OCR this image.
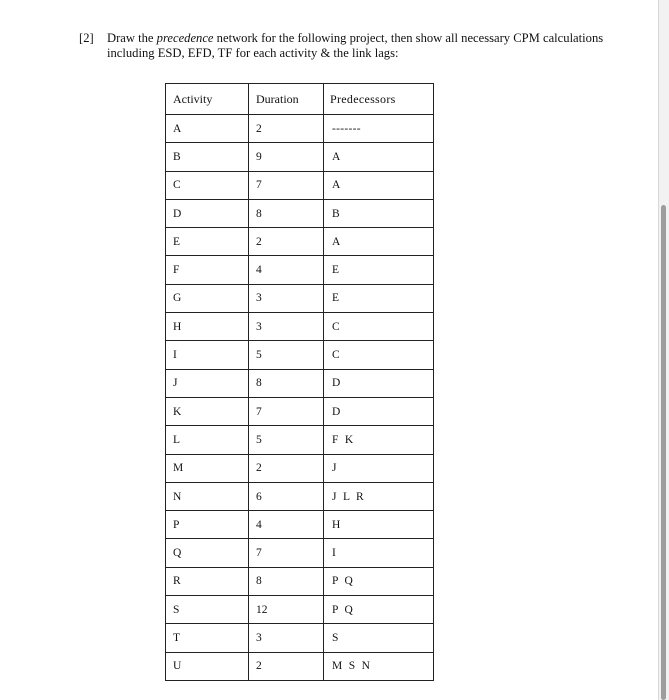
[2] Draw the precedence network for the following project, then show all necessary CPM calculations including ESD, EFD, TF for each activity & the link lags:
Activity	Duration	Predecessors
A	2	-------
B	9	A
C	7	A
D	8	B
E	2	A
F	4	E
G	3	E
H	3	C
I	5	C
J	8	D
K	7	D
L	5	F K
M	2	J
N	6	J L R
P	4	H
Q	7	I
R	8	P Q
S	12	P Q
T	3	S
U	2	M S N
